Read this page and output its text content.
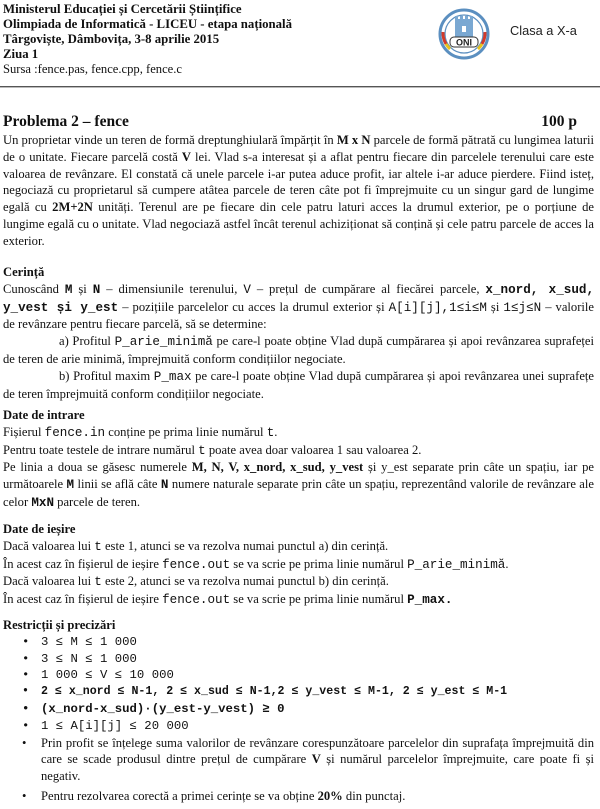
Ministerul Educației și Cercetării Științifice
Olimpiada de Informatică - LICEU - etapa națională
Târgoviște, Dâmbovița, 3-8 aprilie 2015
Ziua 1
Sursa :fence.pas, fence.cpp, fence.c
ONI
Clasa a X-a
Problema 2 – fence	100 p

Un proprietar vinde un teren de formă dreptunghiulară împărțit în M x N parcele de formă pătrată cu lungimea laturii de o unitate. Fiecare parcelă costă V lei. Vlad s-a interesat și a aflat pentru fiecare din parcelele terenului care este valoarea de revânzare. El constată că unele parcele i-ar putea aduce profit, iar altele i-ar aduce pierdere. Fiind isteț, negociază cu proprietarul să cumpere atâtea parcele de teren câte pot fi împrejmuite cu un singur gard de lungime egală cu 2M+2N unități. Terenul are pe fiecare din cele patru laturi acces la drumul exterior, pe o porțiune de lungime egală cu o unitate. Vlad negociază astfel încât terenul achiziționat să conțină și cele patru parcele de acces la exterior.

Cerință

Cunoscând M și N – dimensiunile terenului, V – prețul de cumpărare al fiecărei parcele, x_nord, x_sud, y_vest și y_est – pozițiile parcelelor cu acces la drumul exterior și A[i][j],1≤i≤M și 1≤j≤N – valorile de revânzare pentru fiecare parcelă, să se determine:

a) Profitul P_arie_minimă pe care-l poate obține Vlad după cumpărarea și apoi revânzarea suprafeței de teren de arie minimă, împrejmuită conform condițiilor negociate.

b) Profitul maxim P_max pe care-l poate obține Vlad după cumpărarea și apoi revânzarea unei suprafețe de teren împrejmuită conform condițiilor negociate.

Date de intrare

Fișierul fence.in conține pe prima linie numărul t.

Pentru toate testele de intrare numărul t poate avea doar valoarea 1 sau valoarea 2.

Pe linia a doua se găsesc numerele M, N, V, x_nord, x_sud, y_vest și y_est separate prin câte un spațiu, iar pe următoarele M linii se află câte N numere naturale separate prin câte un spațiu, reprezentând valorile de revânzare ale celor MxN parcele de teren.

Date de ieșire

Dacă valoarea lui t este 1, atunci se va rezolva numai punctul a) din cerință.

În acest caz în fișierul de ieșire fence.out se va scrie pe prima linie numărul P_arie_minimă.

Dacă valoarea lui t este 2, atunci se va rezolva numai punctul b) din cerință.

În acest caz în fișierul de ieșire fence.out se va scrie pe prima linie numărul P_max.

Restricții și precizări

• 3 ≤ M ≤ 1 000
• 3 ≤ N ≤ 1 000
• 1 000 ≤ V ≤ 10 000
• 2 ≤ x_nord ≤ N-1, 2 ≤ x_sud ≤ N-1,2 ≤ y_vest ≤ M-1, 2 ≤ y_est ≤ M-1
• (x_nord-x_sud)·(y_est-y_vest) ≥ 0
• 1 ≤ A[i][j] ≤ 20 000
• Prin profit se înțelege suma valorilor de revânzare corespunzătoare parcelelor din suprafața împrejmuită din care se scade produsul dintre prețul de cumpărare V și numărul parcelelor împrejmuite, care poate fi și negativ.
• Pentru rezolvarea corectă a primei cerințe se va obține 20% din punctaj.
